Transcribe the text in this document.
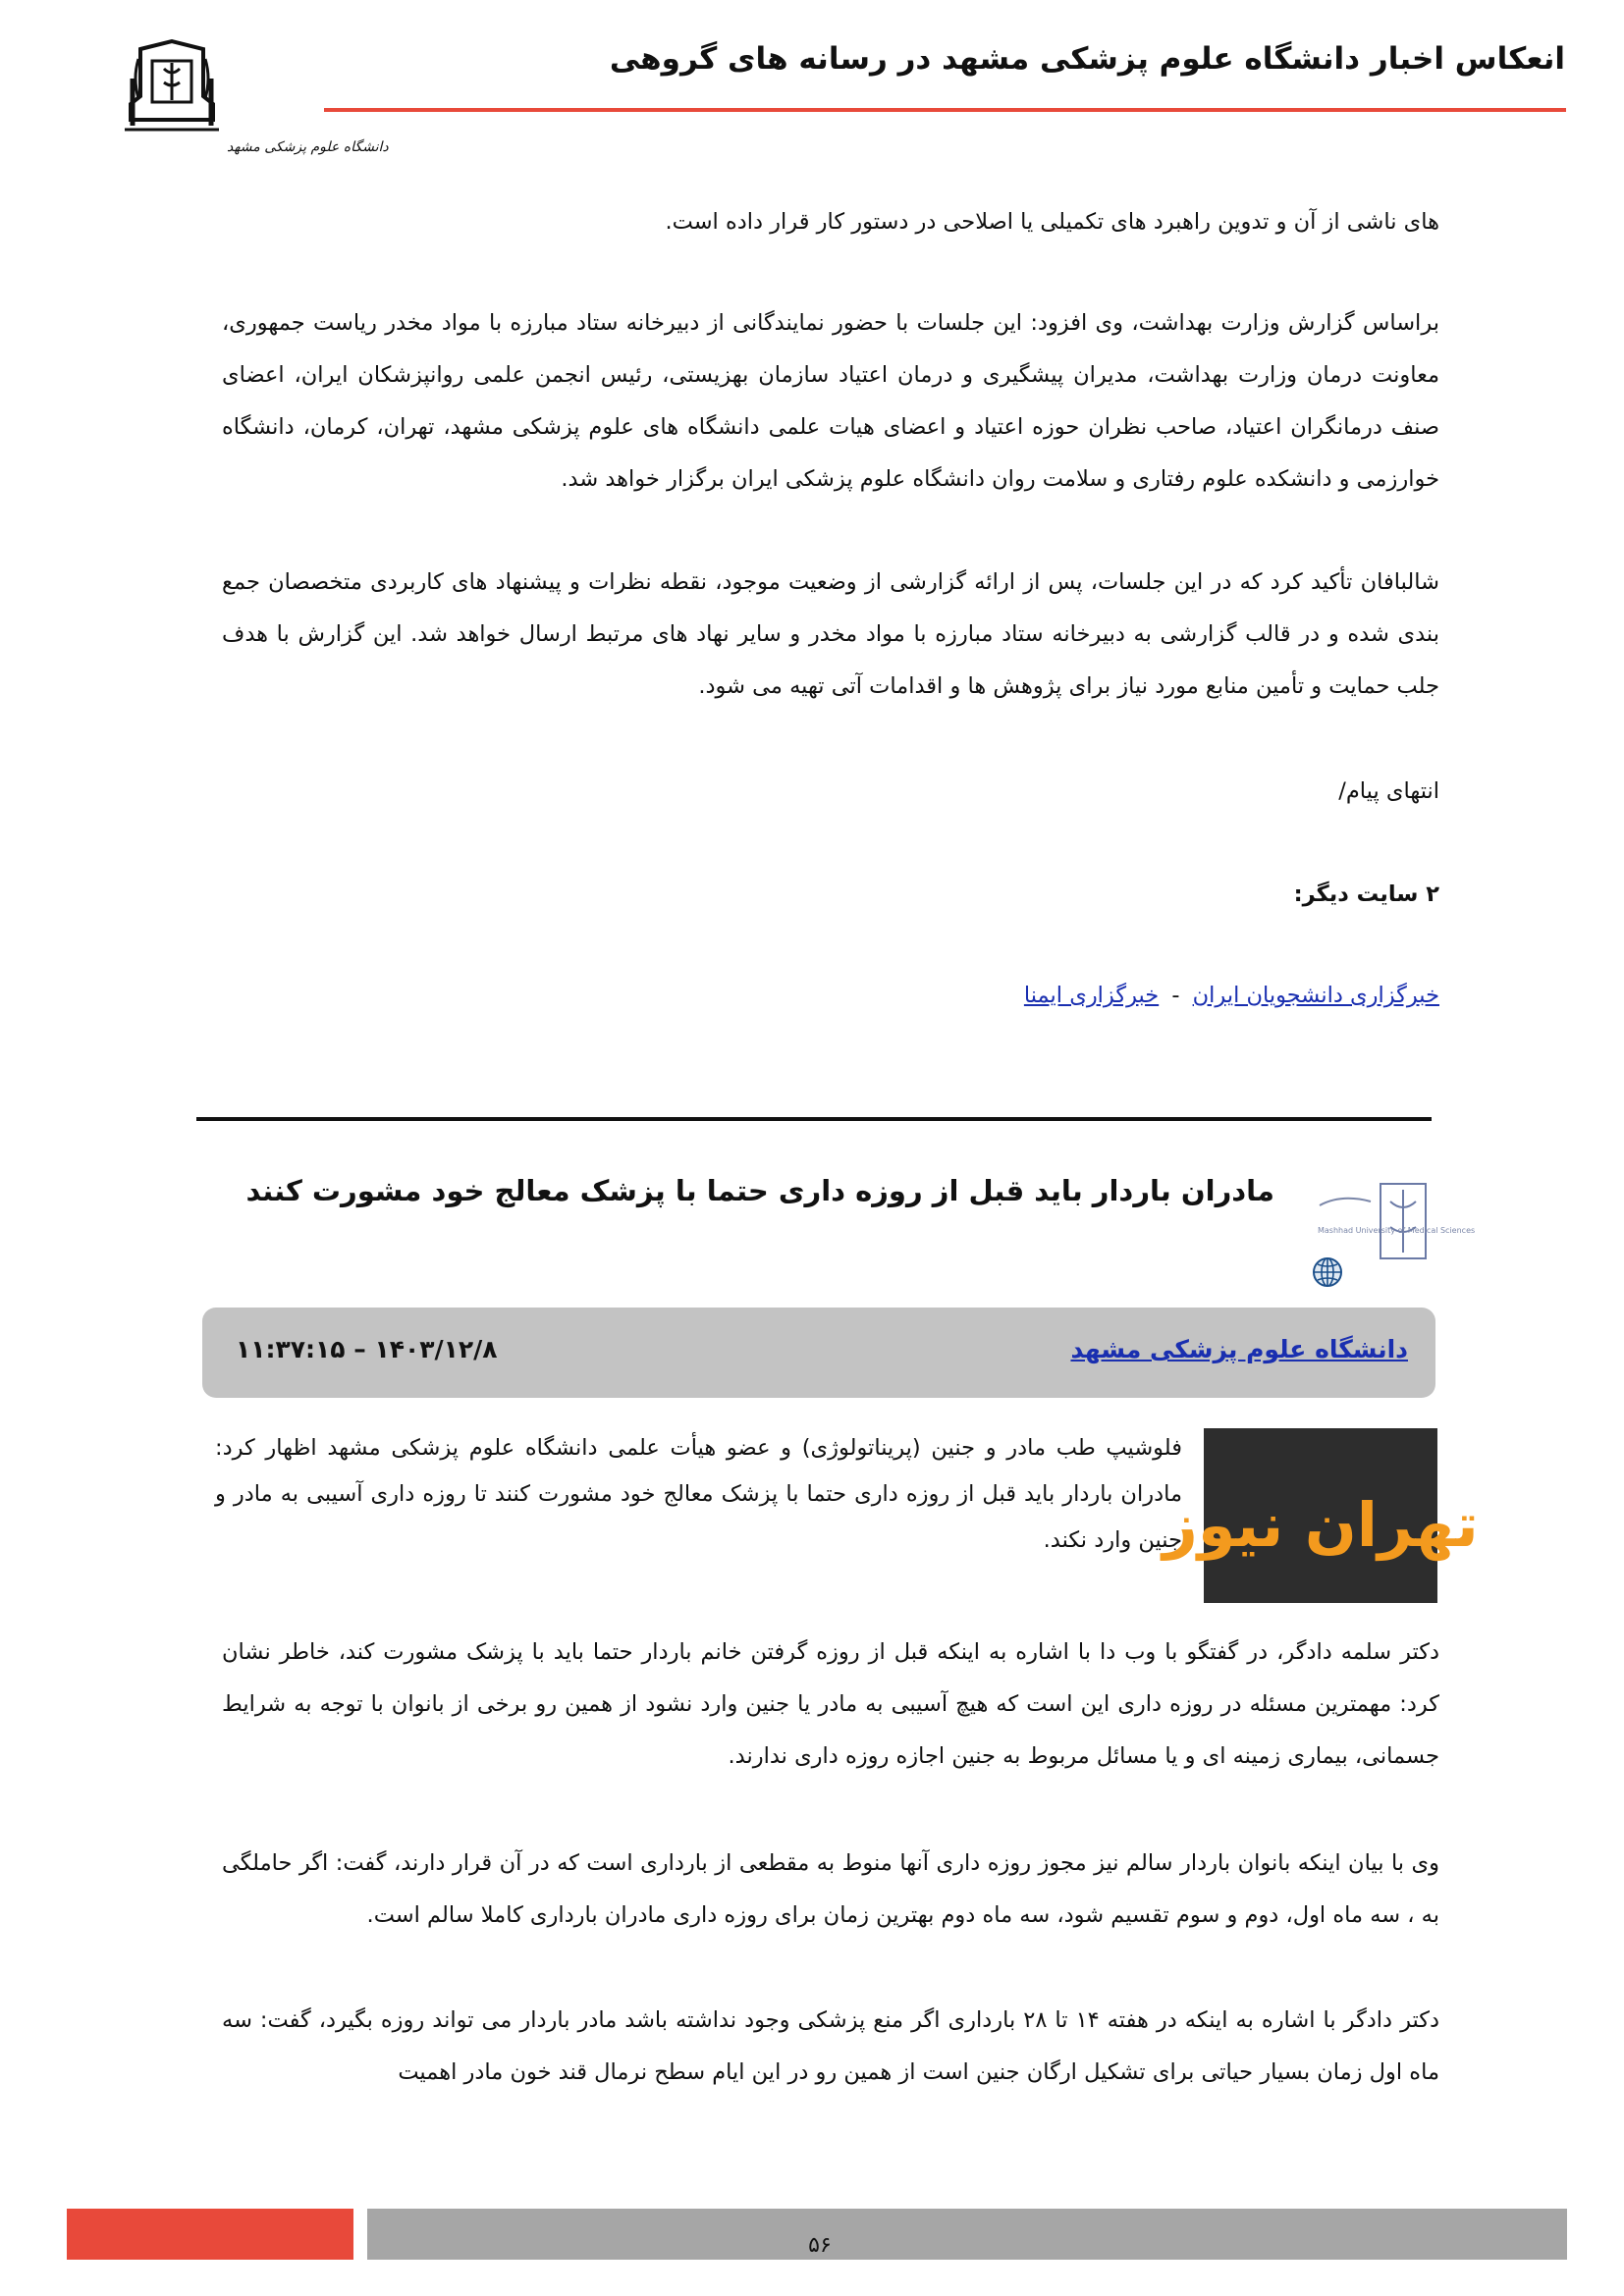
انعکاس اخبار دانشگاه علوم پزشکی مشهد در رسانه های گروهی
دانشگاه علوم پزشکی مشهد
های ناشی از آن و تدوین راهبرد های تکمیلی یا اصلاحی در دستور کار قرار داده است.
براساس گزارش وزارت بهداشت، وی افزود: این جلسات با حضور نمایندگانی از دبیرخانه ستاد مبارزه با مواد مخدر ریاست جمهوری، معاونت درمان وزارت بهداشت، مدیران پیشگیری و درمان اعتیاد سازمان بهزیستی، رئیس انجمن علمی روانپزشکان ایران، اعضای صنف درمانگران اعتیاد، صاحب نظران حوزه اعتیاد و اعضای هیات علمی دانشگاه های علوم پزشکی مشهد، تهران، کرمان، دانشگاه خوارزمی و دانشکده علوم رفتاری و سلامت روان دانشگاه علوم پزشکی ایران برگزار خواهد شد.
شالبافان تأکید کرد که در این جلسات، پس از ارائه گزارشی از وضعیت موجود، نقطه نظرات و پیشنهاد های کاربردی متخصصان جمع بندی شده و در قالب گزارشی به دبیرخانه ستاد مبارزه با مواد مخدر و سایر نهاد های مرتبط ارسال خواهد شد. این گزارش با هدف جلب حمایت و تأمین منابع مورد نیاز برای پژوهش ها و اقدامات آتی تهیه می شود.
انتهای پیام/
۲ سایت دیگر:
خبرگزاری دانشجویان ایران - خبرگزاری ایمنا
Mashhad University of Medical Sciences
مادران باردار باید قبل از روزه داری حتما با پزشک معالج خود مشورت کنند
دانشگاه علوم پزشکی مشهد
۱۴۰۳/۱۲/۸ – ۱۱:۳۷:۱۵
تهران نیوز
فلوشیپ طب مادر و جنین (پریناتولوژی) و عضو هیأت علمی دانشگاه علوم پزشکی مشهد اظهار کرد: مادران باردار باید قبل از روزه داری حتما با پزشک معالج خود مشورت کنند تا روزه داری آسیبی به مادر و جنین وارد نکند.
دکتر سلمه دادگر، در گفتگو با وب دا با اشاره به اینکه قبل از روزه گرفتن خانم باردار حتما باید با پزشک مشورت کند، خاطر نشان کرد: مهمترین مسئله در روزه داری این است که هیچ آسیبی به مادر یا جنین وارد نشود از همین رو برخی از بانوان با توجه به شرایط جسمانی، بیماری زمینه ای و یا مسائل مربوط به جنین اجازه روزه داری ندارند.
وی با بیان اینکه بانوان باردار سالم نیز مجوز روزه داری آنها منوط به مقطعی از بارداری است که در آن قرار دارند، گفت: اگر حاملگی به ، سه ماه اول، دوم و سوم تقسیم شود، سه ماه دوم بهترین زمان برای روزه داری مادران بارداری کاملا سالم است.
دکتر دادگر با اشاره به اینکه در هفته ۱۴ تا ۲۸ بارداری اگر منع پزشکی وجود نداشته باشد مادر باردار می تواند روزه بگیرد، گفت: سه ماه اول زمان بسیار حیاتی برای تشکیل ارگان جنین است از همین رو در این ایام سطح نرمال قند خون مادر اهمیت
۵۶
